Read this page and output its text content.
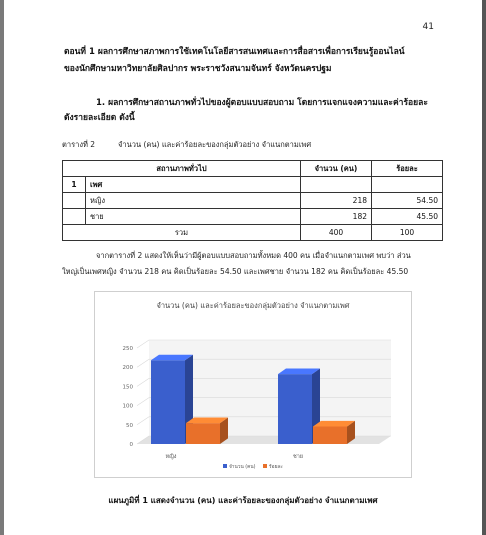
41
ตอนที่ 1 ผลการศึกษาสภาพการใช้เทคโนโลยีสารสนเทศและการสื่อสารเพื่อการเรียนรู้ออนไลน์
ของนักศึกษามหาวิทยาลัยศิลปากร พระราชวังสนามจันทร์ จังหวัดนครปฐม
1. ผลการศึกษาสถานภาพทั่วไปของผู้ตอบแบบสอบถาม โดยการแจกแจงความและค่าร้อยละ
ดังรายละเอียด ดังนี้
ตารางที่ 2	จำนวน (คน) และค่าร้อยละของกลุ่มตัวอย่าง จำแนกตามเพศ
สถานภาพทั่วไป		จำนวน (คน)	ร้อยละ
1	เพศ		
	หญิง	218	54.50
	ชาย	182	45.50
รวม		400	100
จากตารางที่ 2 แสดงให้เห็นว่ามีผู้ตอบแบบสอบถามทั้งหมด 400 คน เมื่อจำแนกตามเพศ พบว่า ส่วน
ใหญ่เป็นเพศหญิง จำนวน 218 คน คิดเป็นร้อยละ 54.50 และเพศชาย จำนวน 182 คน คิดเป็นร้อยละ 45.50
จำนวน (คน) และค่าร้อยละของกลุ่มตัวอย่าง จำแนกตามเพศ
0
50
100
150
200
250
หญิง	ชาย
จำนวน (คน)	ร้อยละ
แผนภูมิที่ 1 แสดงจำนวน (คน) และค่าร้อยละของกลุ่มตัวอย่าง จำแนกตามเพศ
